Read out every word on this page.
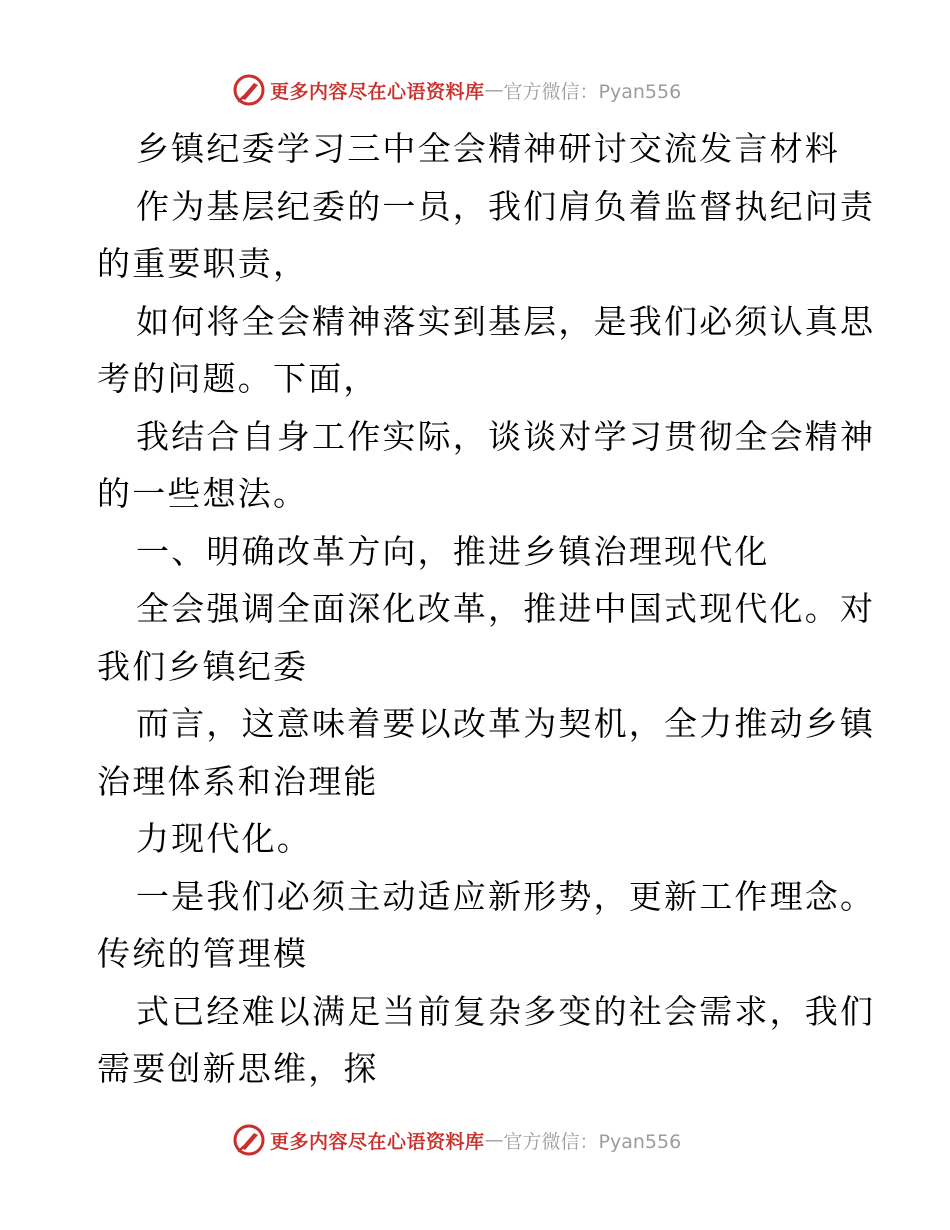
更多内容尽在心语资料库 — 官方微信：Pyan556
乡镇纪委学习三中全会精神研讨交流发言材料
作为基层纪委的一员，我们肩负着监督执纪问责
的重要职责，
如何将全会精神落实到基层，是我们必须认真思
考的问题。下面，
我结合自身工作实际，谈谈对学习贯彻全会精神
的一些想法。
一、明确改革方向，推进乡镇治理现代化
全会强调全面深化改革，推进中国式现代化。对
我们乡镇纪委
而言，这意味着要以改革为契机，全力推动乡镇
治理体系和治理能
力现代化。
一是我们必须主动适应新形势，更新工作理念。
传统的管理模
式已经难以满足当前复杂多变的社会需求，我们
需要创新思维，探
更多内容尽在心语资料库 — 官方微信：Pyan556
